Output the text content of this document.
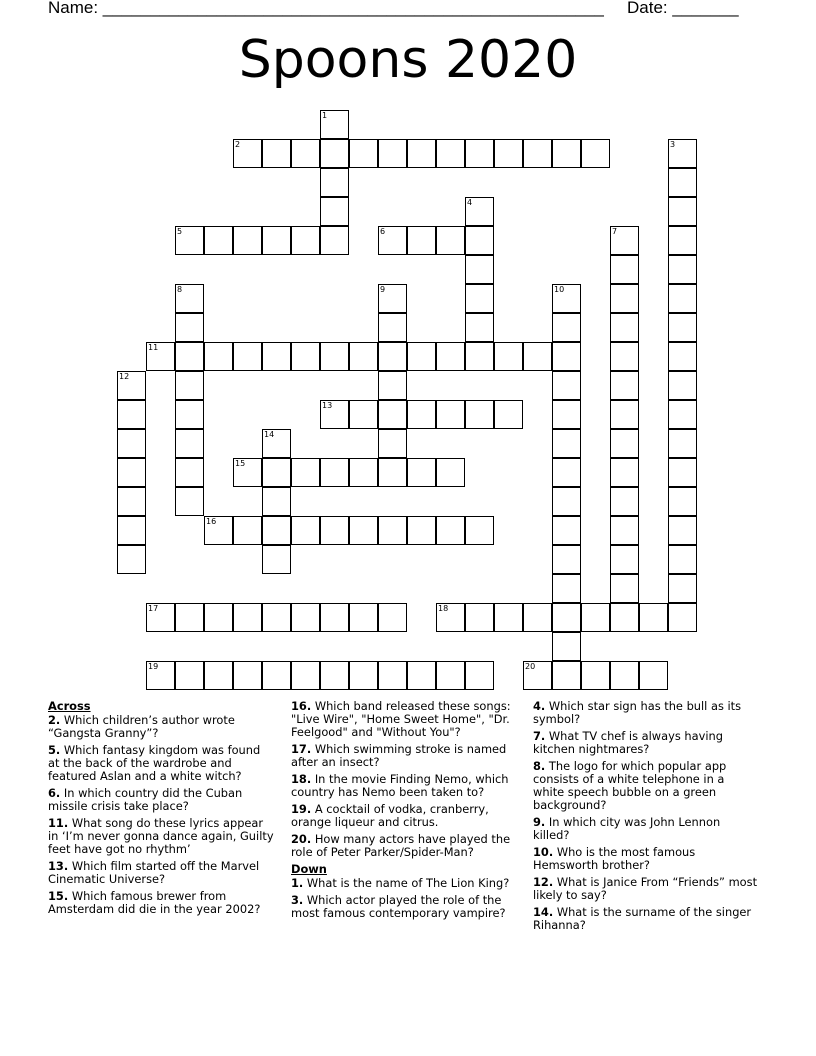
Name: _____________________________________________________ Date: _______
Spoons 2020
1
2	3
4
5	6	7
8	9	10
11
12
13
14
15
16
17	18
19	20
Across
2. Which children’s author wrote “Gangsta Granny”?
5. Which fantasy kingdom was found at the back of the wardrobe and featured Aslan and a white witch?
6. In which country did the Cuban missile crisis take place?
11. What song do these lyrics appear in ‘I’m never gonna dance again, Guilty feet have got no rhythm’
13. Which film started off the Marvel Cinematic Universe?
15. Which famous brewer from Amsterdam did die in the year 2002?
16. Which band released these songs: "Live Wire", "Home Sweet Home", "Dr. Feelgood" and "Without You"?
17. Which swimming stroke is named after an insect?
18. In the movie Finding Nemo, which country has Nemo been taken to?
19. A cocktail of vodka, cranberry, orange liqueur and citrus.
20. How many actors have played the role of Peter Parker/Spider-Man?
Down
1. What is the name of The Lion King?
3. Which actor played the role of the most famous contemporary vampire?
4. Which star sign has the bull as its symbol?
7. What TV chef is always having kitchen nightmares?
8. The logo for which popular app consists of a white telephone in a white speech bubble on a green background?
9. In which city was John Lennon killed?
10. Who is the most famous Hemsworth brother?
12. What is Janice From “Friends” most likely to say?
14. What is the surname of the singer Rihanna?
